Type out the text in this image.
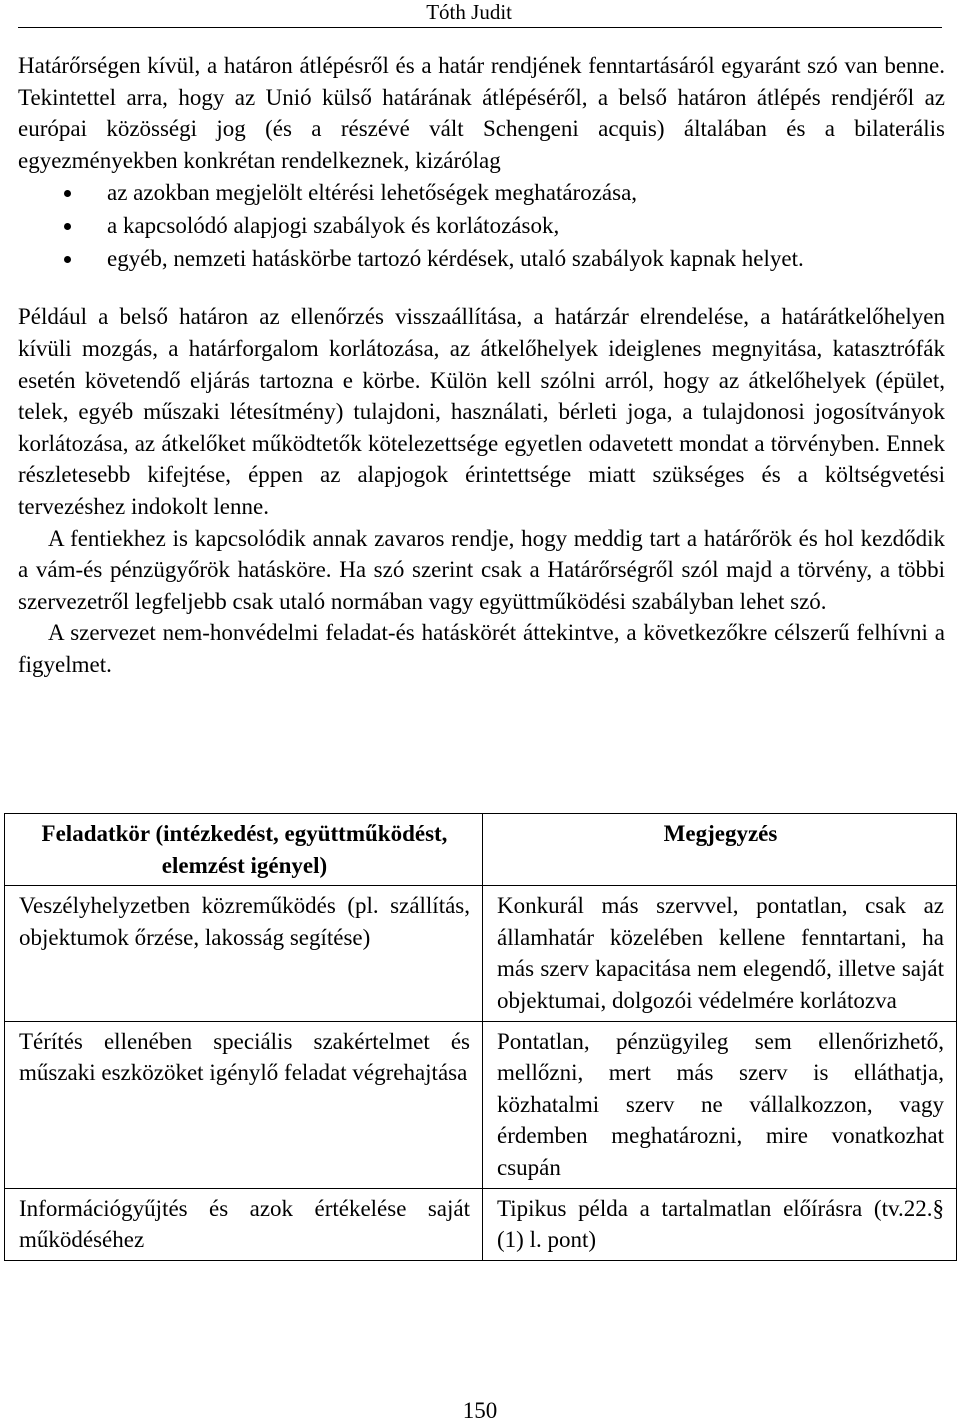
Tóth Judit

Határőrségen kívül, a határon átlépésről és a határ rendjének fenntartásáról egyaránt szó van benne. Tekintettel arra, hogy az Unió külső határának átlépéséről, a belső határon átlépés rendjéről az európai közösségi jog (és a részévé vált Schengeni acquis) általában és a bilaterális egyezményekben konkrétan rendelkeznek, kizárólag

az azokban megjelölt eltérési lehetőségek meghatározása,
a kapcsolódó alapjogi szabályok és korlátozások,
egyéb, nemzeti hatáskörbe tartozó kérdések, utaló szabályok kapnak helyet.

Például a belső határon az ellenőrzés visszaállítása, a határzár elrendelése, a határátkelőhelyen kívüli mozgás, a határforgalom korlátozása, az átkelőhelyek ideiglenes megnyitása, katasztrófák esetén követendő eljárás tartozna e körbe. Külön kell szólni arról, hogy az átkelőhelyek (épület, telek, egyéb műszaki létesítmény) tulajdoni, használati, bérleti joga, a tulajdonosi jogosítványok korlátozása, az átkelőket működtetők kötelezettsége egyetlen odavetett mondat a törvényben. Ennek részletesebb kifejtése, éppen az alapjogok érintettsége miatt szükséges és a költségvetési tervezéshez indokolt lenne.

A fentiekhez is kapcsolódik annak zavaros rendje, hogy meddig tart a határőrök és hol kezdődik a vám-és pénzügyőrök hatásköre. Ha szó szerint csak a Határőrségről szól majd a törvény, a többi szervezetről legfeljebb csak utaló normában vagy együttműködési szabályban lehet szó.

A szervezet nem-honvédelmi feladat-és hatáskörét áttekintve, a következőkre célszerű felhívni a figyelmet.

Feladatkör (intézkedést, együttműködést, elemzést igényel)	Megjegyzés
Veszélyhelyzetben közreműködés (pl. szállítás, objektumok őrzése, lakosság segítése)	Konkurál más szervvel, pontatlan, csak az államhatár közelében kellene fenntartani, ha más szerv kapacitása nem elegendő, illetve saját objektumai, dolgozói védelmére korlátozva
Térítés ellenében speciális szakértelmet és műszaki eszközöket igénylő feladat végrehajtása	Pontatlan, pénzügyileg sem ellenőrizhető, mellőzni, mert más szerv is elláthatja, közhatalmi szerv ne vállalkozzon, vagy érdemben meghatározni, mire vonatkozhat csupán
Információgyűjtés és azok értékelése saját működéséhez	Tipikus példa a tartalmatlan előírásra (tv.22.§ (1) l. pont)
150
